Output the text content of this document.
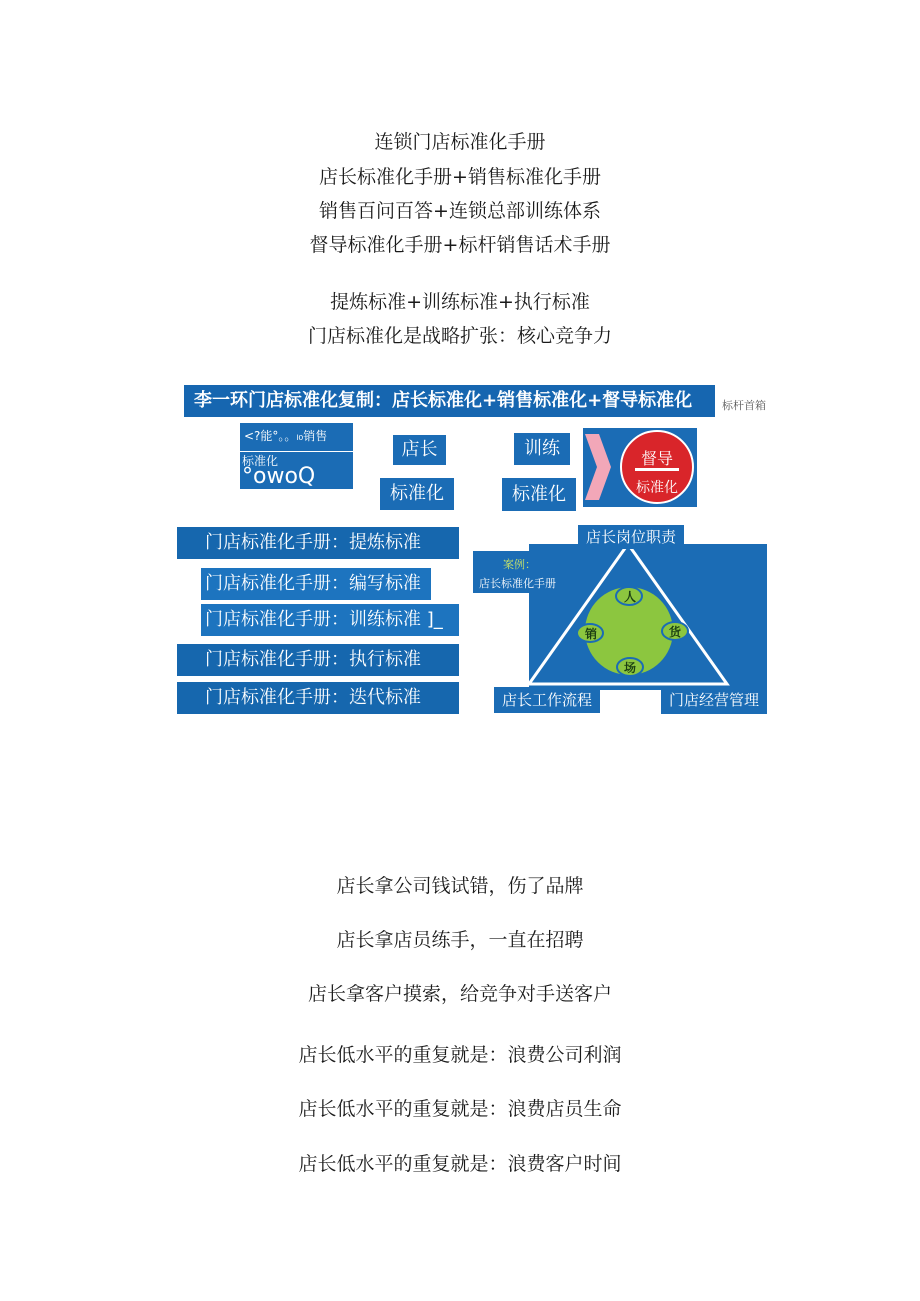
连锁门店标准化手册
店长标准化手册+销售标准化手册
销售百问百答+连锁总部训练体系
督导标准化手册+标杆销售话术手册
提炼标准+训练标准+执行标准
门店标准化是战略扩张：核心竞争力
李一环门店标准化复制：店长标准化+销售标准化+督导标准化	标杆首箱
<?能°。。ₗ₀销售
标准化
°owoQ
店长
标准化
训练
标准化
督导
标准化
门店标准化手册：提炼标准
门店标准化手册：编写标准
门店标准化手册：训练标准 ]_
门店标准化手册：执行标准
门店标准化手册：迭代标准
人
销	货
场
店长岗位职责
案例：
店长标准化手册
店长工作流程	门店经营管理
店长拿公司钱试错，伤了品牌
店长拿店员练手，一直在招聘
店长拿客户摸索，给竞争对手送客户
店长低水平的重复就是：浪费公司利润
店长低水平的重复就是：浪费店员生命
店长低水平的重复就是：浪费客户时间
